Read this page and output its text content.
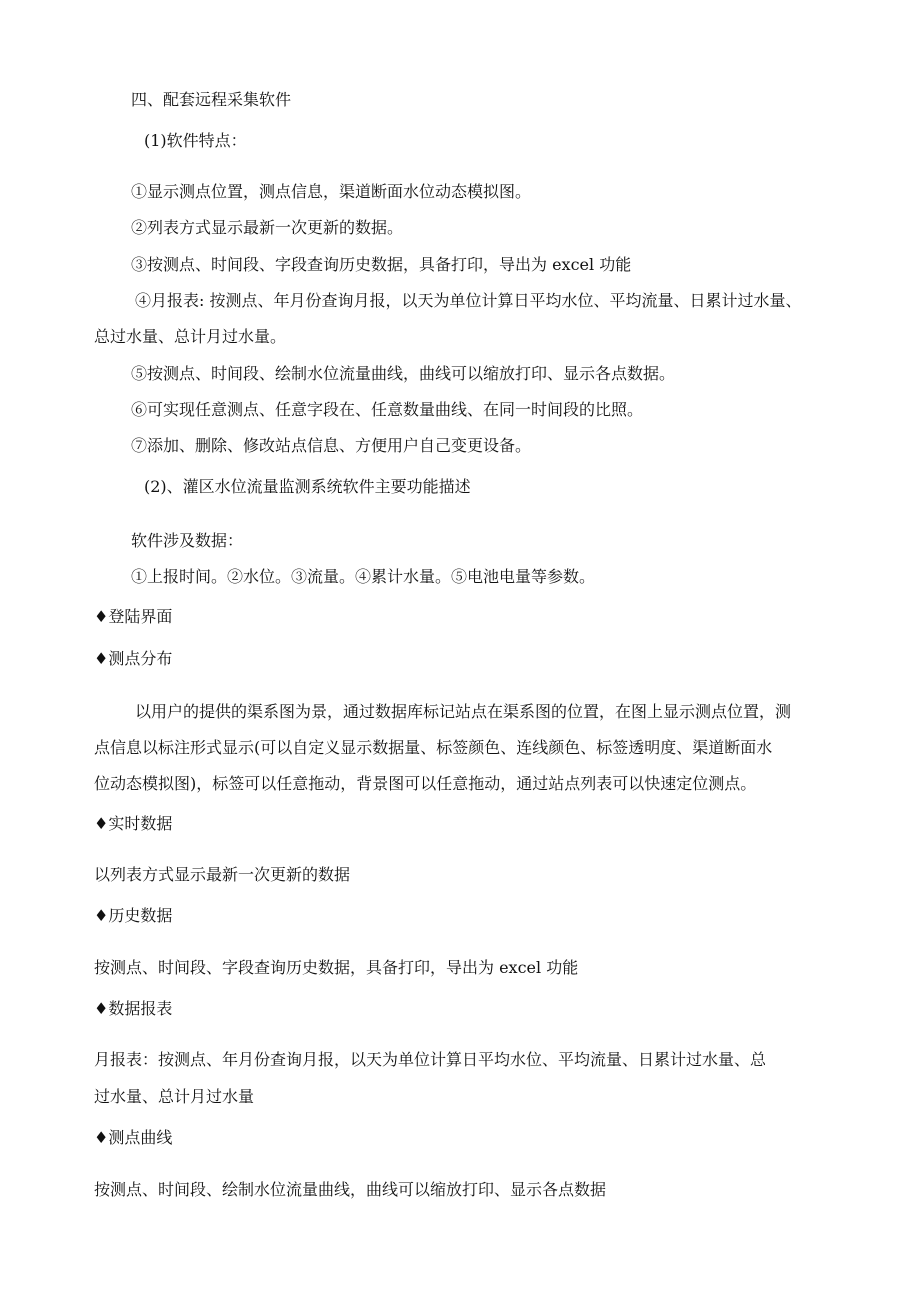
四、配套远程采集软件
(1)软件特点：
①显示测点位置，测点信息，渠道断面水位动态模拟图。
②列表方式显示最新一次更新的数据。
③按测点、时间段、字段查询历史数据，具备打印，导出为 excel 功能
④月报表: 按测点、年月份查询月报，以天为单位计算日平均水位、平均流量、日累计过水量、
总过水量、总计月过水量。
⑤按测点、时间段、绘制水位流量曲线，曲线可以缩放打印、显示各点数据。
⑥可实现任意测点、任意字段在、任意数量曲线、在同一时间段的比照。
⑦添加、删除、修改站点信息、方便用户自己变更设备。
(2)、灌区水位流量监测系统软件主要功能描述
软件涉及数据：
①上报时间。②水位。③流量。④累计水量。⑤电池电量等参数。
♦登陆界面
♦测点分布
以用户的提供的渠系图为景，通过数据库标记站点在渠系图的位置，在图上显示测点位置，测
点信息以标注形式显示(可以自定义显示数据量、标签颜色、连线颜色、标签透明度、渠道断面水
位动态模拟图)，标签可以任意拖动，背景图可以任意拖动，通过站点列表可以快速定位测点。
♦实时数据
以列表方式显示最新一次更新的数据
♦历史数据
按测点、时间段、字段查询历史数据，具备打印，导出为 excel 功能
♦数据报表
月报表：按测点、年月份查询月报，以天为单位计算日平均水位、平均流量、日累计过水量、总
过水量、总计月过水量
♦测点曲线
按测点、时间段、绘制水位流量曲线，曲线可以缩放打印、显示各点数据
